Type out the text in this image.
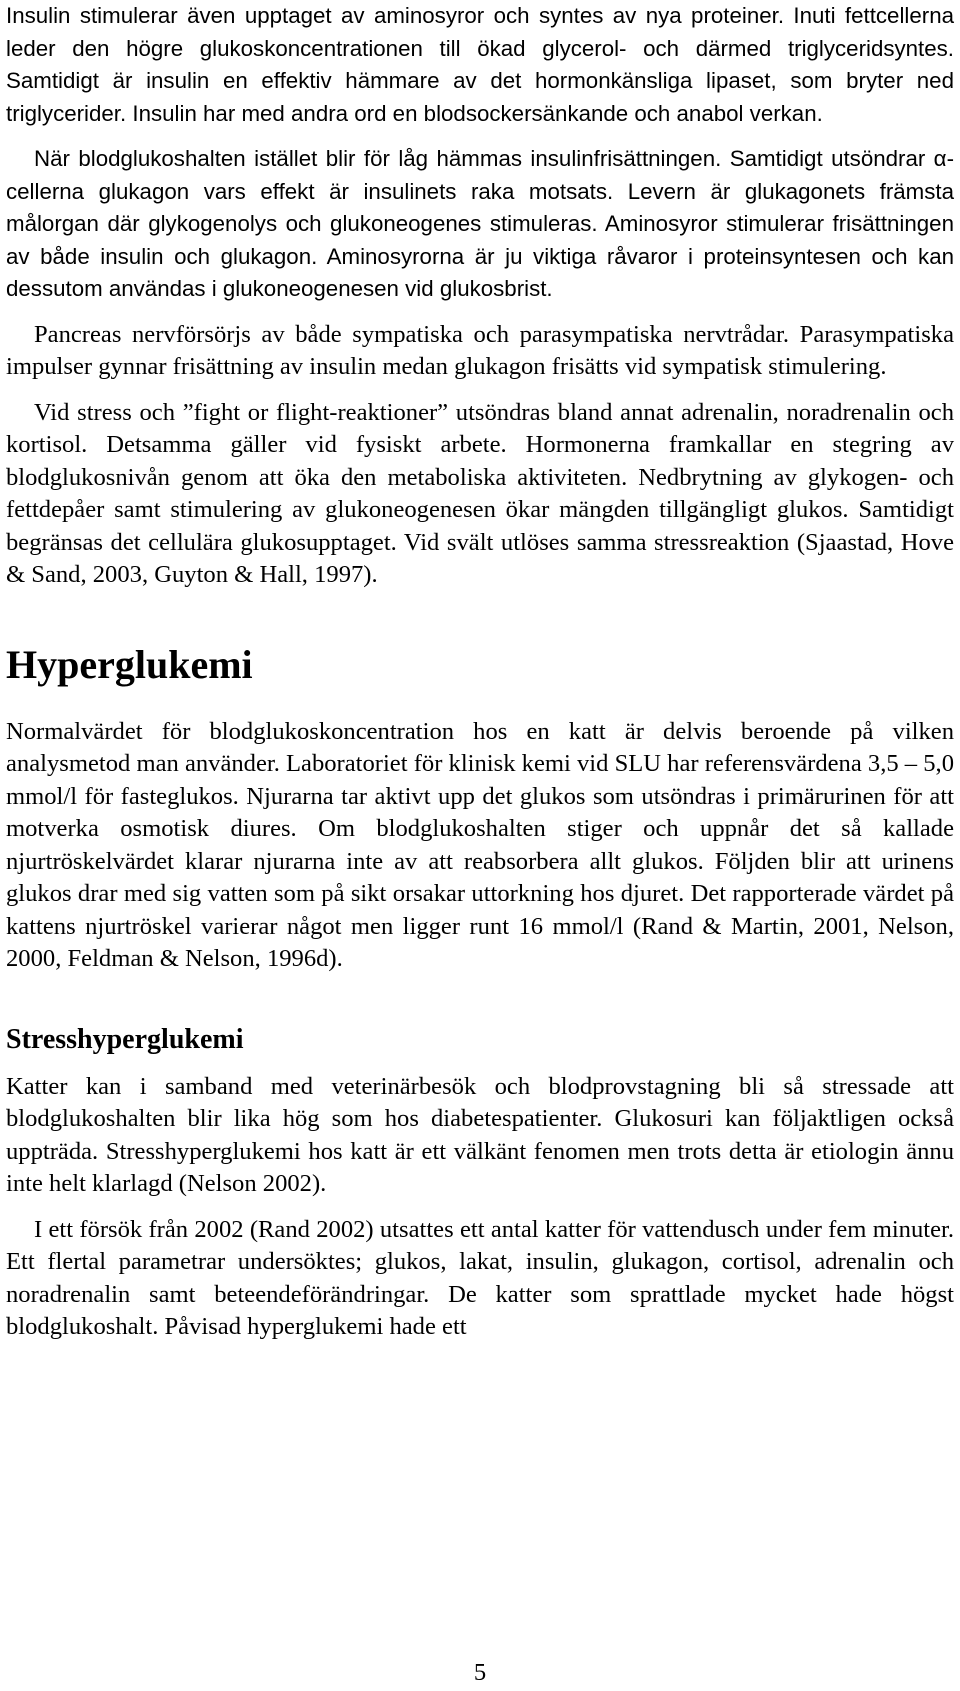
Insulin stimulerar även upptaget av aminosyror och syntes av nya proteiner. Inuti fettcellerna leder den högre glukoskoncentrationen till ökad glycerol- och därmed triglyceridsyntes. Samtidigt är insulin en effektiv hämmare av det hormonkänsliga lipaset, som bryter ned triglycerider. Insulin har med andra ord en blodsockersänkande och anabol verkan.

När blodglukoshalten istället blir för låg hämmas insulinfrisättningen. Samtidigt utsöndrar α-cellerna glukagon vars effekt är insulinets raka motsats. Levern är glukagonets främsta målorgan där glykogenolys och glukoneogenes stimuleras. Aminosyror stimulerar frisättningen av både insulin och glukagon. Aminosyrorna är ju viktiga råvaror i proteinsyntesen och kan dessutom användas i glukoneogenesen vid glukosbrist.

Pancreas nervförsörjs av både sympatiska och parasympatiska nervtrådar. Parasympatiska impulser gynnar frisättning av insulin medan glukagon frisätts vid sympatisk stimulering.

Vid stress och ”fight or flight-reaktioner” utsöndras bland annat adrenalin, noradrenalin och kortisol. Detsamma gäller vid fysiskt arbete. Hormonerna framkallar en stegring av blodglukosnivån genom att öka den metaboliska aktiviteten. Nedbrytning av glykogen- och fettdepåer samt stimulering av glukoneogenesen ökar mängden tillgängligt glukos. Samtidigt begränsas det cellulära glukosupptaget. Vid svält utlöses samma stressreaktion (Sjaastad, Hove & Sand, 2003, Guyton & Hall, 1997).

Hyperglukemi

Normalvärdet för blodglukoskoncentration hos en katt är delvis beroende på vilken analysmetod man använder. Laboratoriet för klinisk kemi vid SLU har referensvärdena 3,5 – 5,0 mmol/l för fasteglukos. Njurarna tar aktivt upp det glukos som utsöndras i primärurinen för att motverka osmotisk diures. Om blodglukoshalten stiger och uppnår det så kallade njurtröskelvärdet klarar njurarna inte av att reabsorbera allt glukos. Följden blir att urinens glukos drar med sig vatten som på sikt orsakar uttorkning hos djuret. Det rapporterade värdet på kattens njurtröskel varierar något men ligger runt 16 mmol/l (Rand & Martin, 2001, Nelson, 2000, Feldman & Nelson, 1996d).

Stresshyperglukemi

Katter kan i samband med veterinärbesök och blodprovstagning bli så stressade att blodglukoshalten blir lika hög som hos diabetespatienter. Glukosuri kan följaktligen också uppträda. Stresshyperglukemi hos katt är ett välkänt fenomen men trots detta är etiologin ännu inte helt klarlagd (Nelson 2002).

I ett försök från 2002 (Rand 2002) utsattes ett antal katter för vattendusch under fem minuter. Ett flertal parametrar undersöktes; glukos, lakat, insulin, glukagon, cortisol, adrenalin och noradrenalin samt beteendeförändringar. De katter som sprattlade mycket hade högst blodglukoshalt. Påvisad hyperglukemi hade ett

5
